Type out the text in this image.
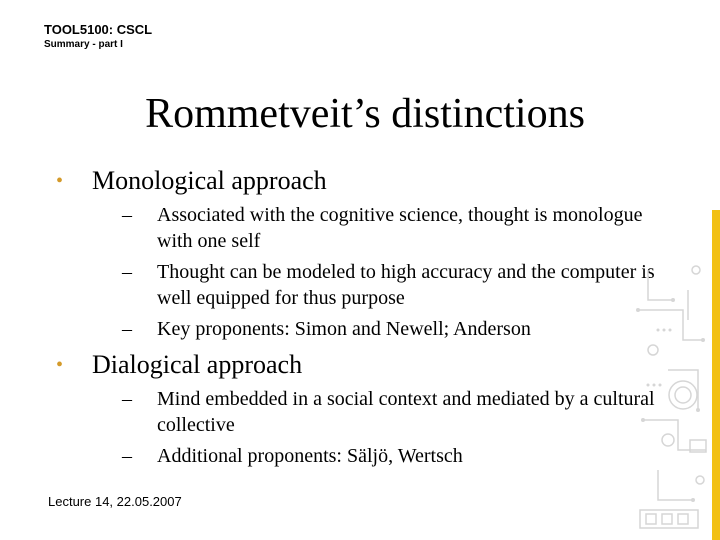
TOOL5100: CSCL
Summary - part I
Rommetveit’s distinctions
• Monological approach
– Associated with the cognitive science, thought is monologue with one self
– Thought can be modeled to high accuracy and the computer is well equipped for thus purpose
– Key proponents: Simon and Newell; Anderson
• Dialogical approach
– Mind embedded in a social context and mediated by a cultural collective
– Additional proponents: Säljö, Wertsch
Lecture 14, 22.05.2007
